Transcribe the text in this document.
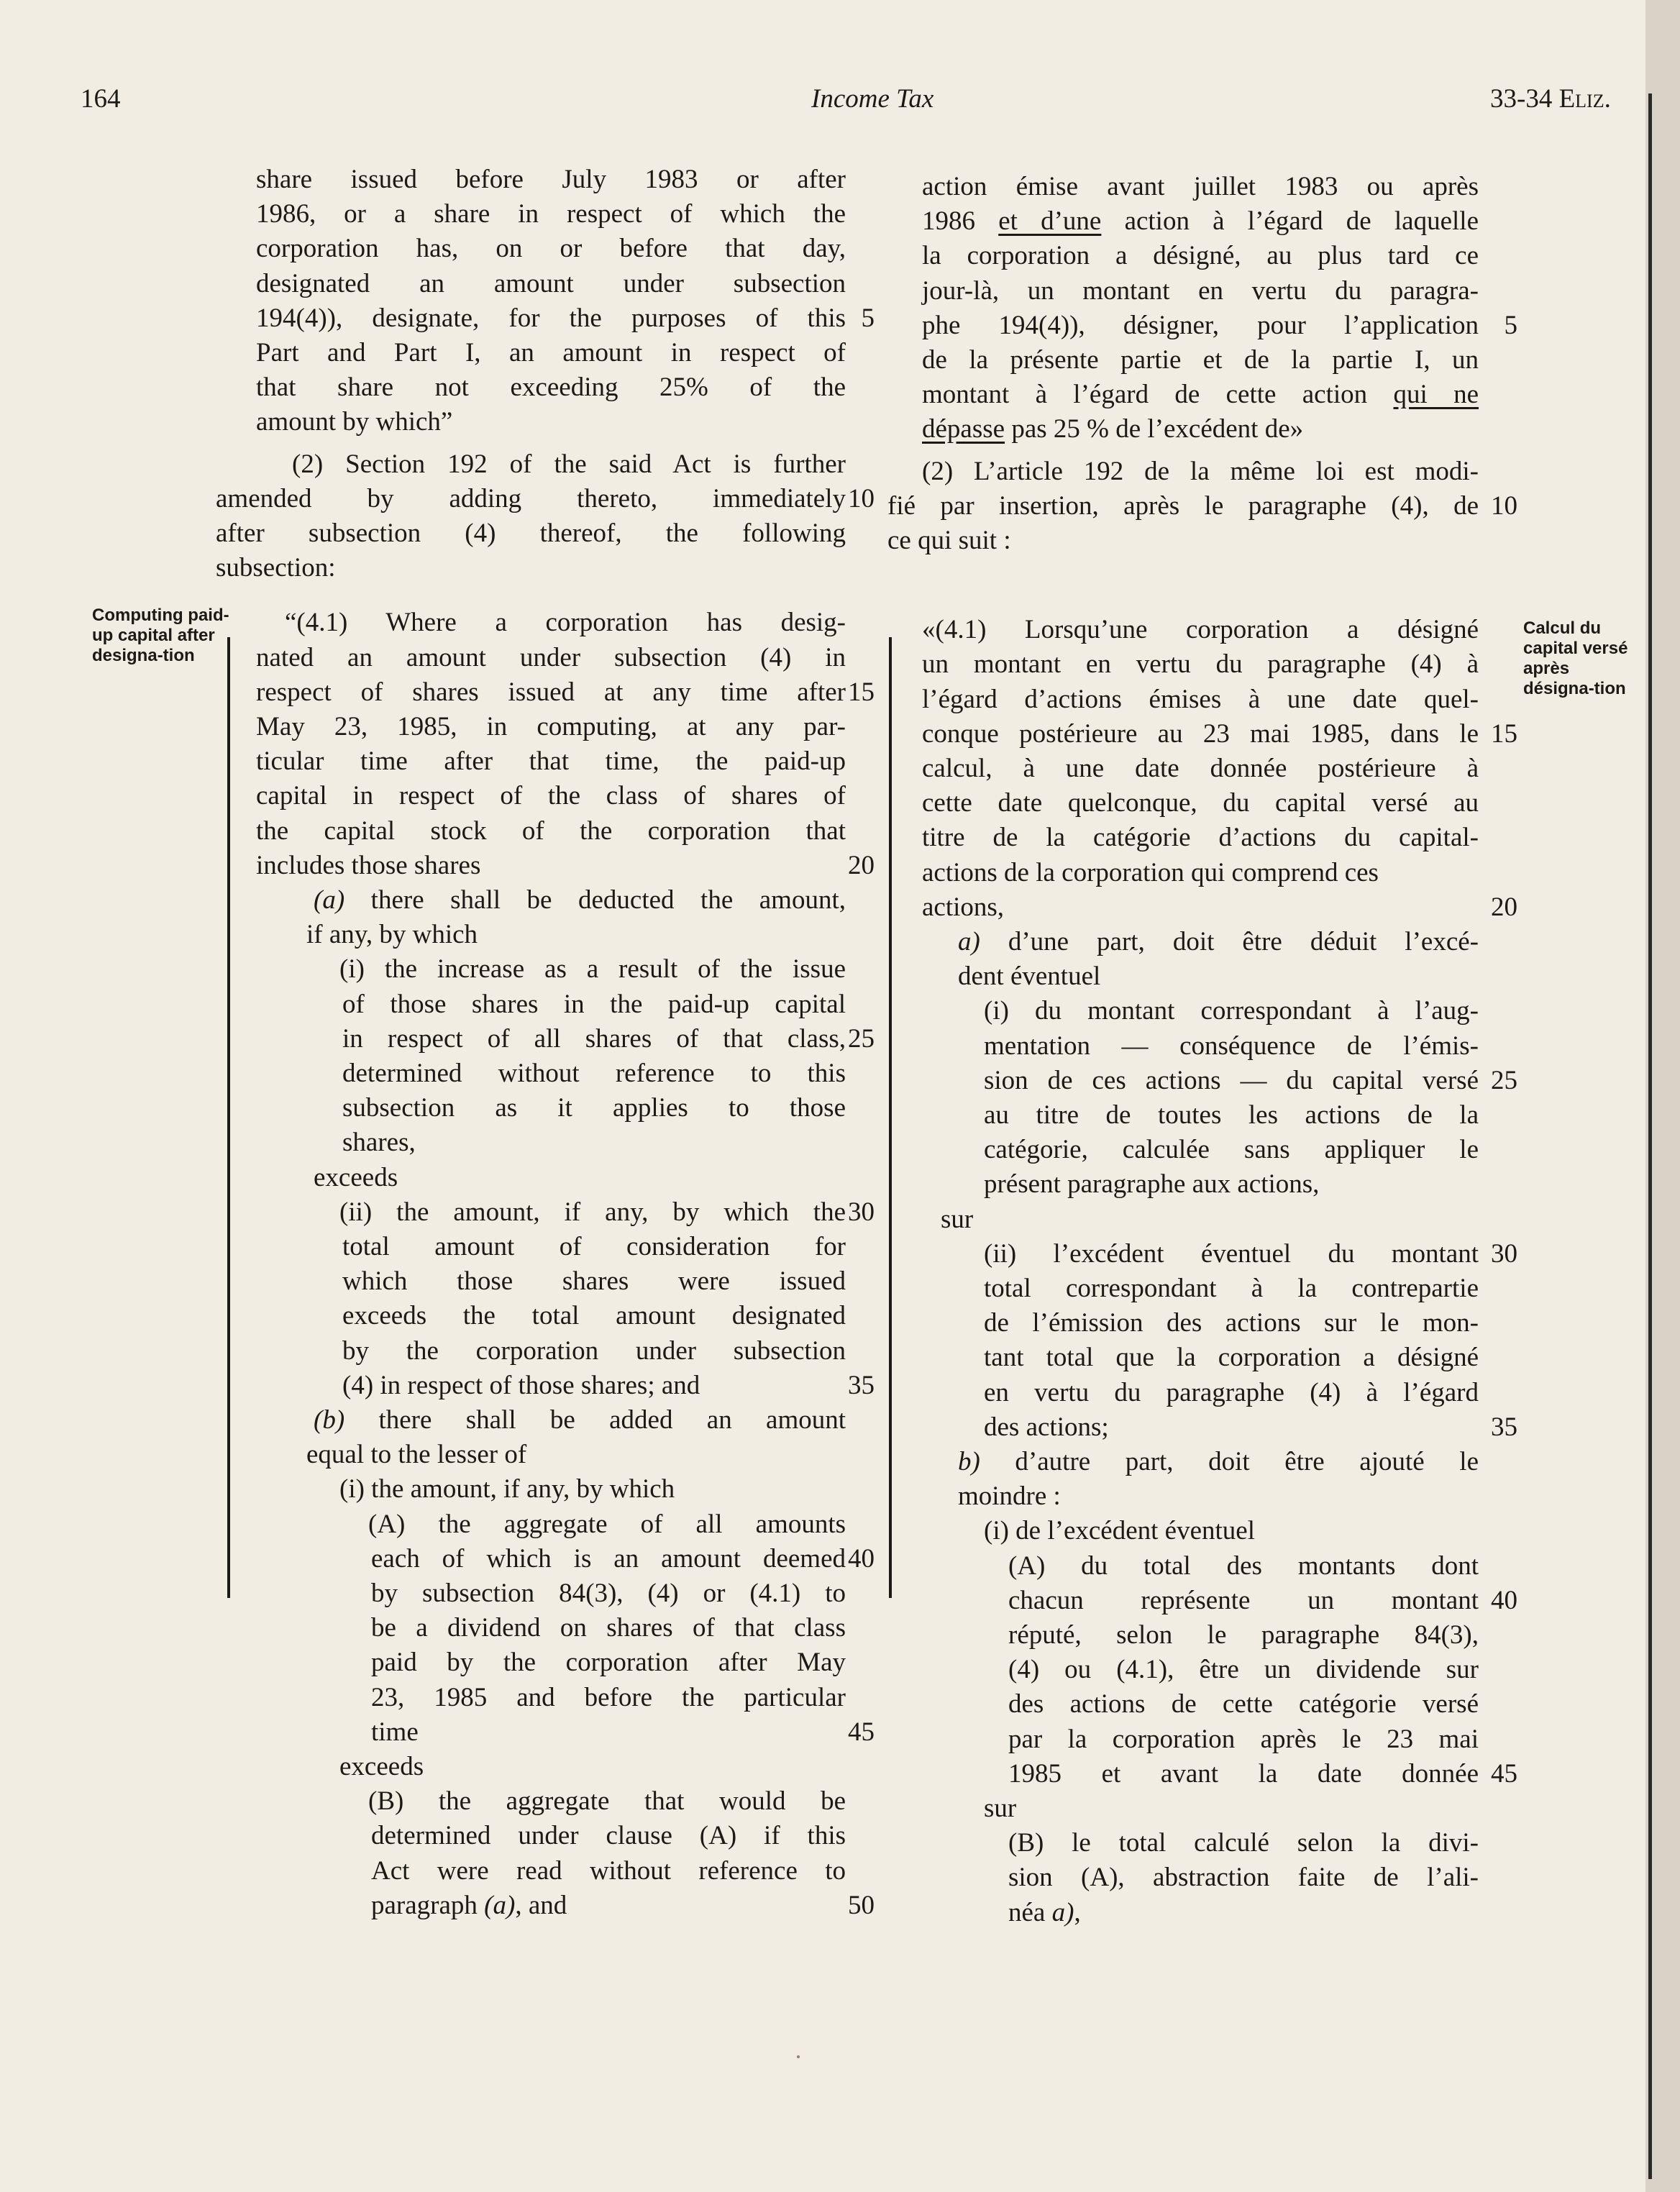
164	Income Tax	33-34 Eliz.
Computing paid-up capital after designa-tion
Calcul du capital versé après désigna-tion
share issued before July 1983 or after
1986, or a share in respect of which the
corporation has, on or before that day,
designated an amount under subsection
194(4)), designate, for the purposes of this 5
Part and Part I, an amount in respect of
that share not exceeding 25% of the
amount by which”
(2) Section 192 of the said Act is further
amended by adding thereto, immediately 10
after subsection (4) thereof, the following
subsection:
“(4.1) Where a corporation has desig-
nated an amount under subsection (4) in
respect of shares issued at any time after 15
May 23, 1985, in computing, at any par-
ticular time after that time, the paid-up
capital in respect of the class of shares of
the capital stock of the corporation that
includes those shares	20
(a) there shall be deducted the amount,
if any, by which
(i) the increase as a result of the issue
of those shares in the paid-up capital
in respect of all shares of that class, 25
determined without reference to this
subsection as it applies to those
shares,
exceeds
(ii) the amount, if any, by which the 30
total amount of consideration for
which those shares were issued
exceeds the total amount designated
by the corporation under subsection
(4) in respect of those shares; and	35
(b) there shall be added an amount
equal to the lesser of
(i) the amount, if any, by which
(A) the aggregate of all amounts
each of which is an amount deemed 40
by subsection 84(3), (4) or (4.1) to
be a dividend on shares of that class
paid by the corporation after May
23, 1985 and before the particular
time	45
exceeds
(B) the aggregate that would be
determined under clause (A) if this
Act were read without reference to
paragraph (a), and	50
action émise avant juillet 1983 ou après
1986 et d’une action à l’égard de laquelle
la corporation a désigné, au plus tard ce
jour-là, un montant en vertu du paragra-
phe 194(4)), désigner, pour l’application 5
de la présente partie et de la partie I, un
montant à l’égard de cette action qui ne
dépasse pas 25 % de l’excédent de»
(2) L’article 192 de la même loi est modi-
fié par insertion, après le paragraphe (4), de 10
ce qui suit :
«(4.1) Lorsqu’une corporation a désigné
un montant en vertu du paragraphe (4) à
l’égard d’actions émises à une date quel-
conque postérieure au 23 mai 1985, dans le 15
calcul, à une date donnée postérieure à
cette date quelconque, du capital versé au
titre de la catégorie d’actions du capital-
actions de la corporation qui comprend ces
actions,	20
a) d’une part, doit être déduit l’excé-
dent éventuel
(i) du montant correspondant à l’aug-
mentation — conséquence de l’émis-
sion de ces actions — du capital versé 25
au titre de toutes les actions de la
catégorie, calculée sans appliquer le
présent paragraphe aux actions,
sur
(ii) l’excédent éventuel du montant 30
total correspondant à la contrepartie
de l’émission des actions sur le mon-
tant total que la corporation a désigné
en vertu du paragraphe (4) à l’égard
des actions;	35
b) d’autre part, doit être ajouté le
moindre :
(i) de l’excédent éventuel
(A) du total des montants dont
chacun représente un montant 40
réputé, selon le paragraphe 84(3),
(4) ou (4.1), être un dividende sur
des actions de cette catégorie versé
par la corporation après le 23 mai
1985 et avant la date donnée 45
sur
(B) le total calculé selon la divi-
sion (A), abstraction faite de l’ali-
néa a),
